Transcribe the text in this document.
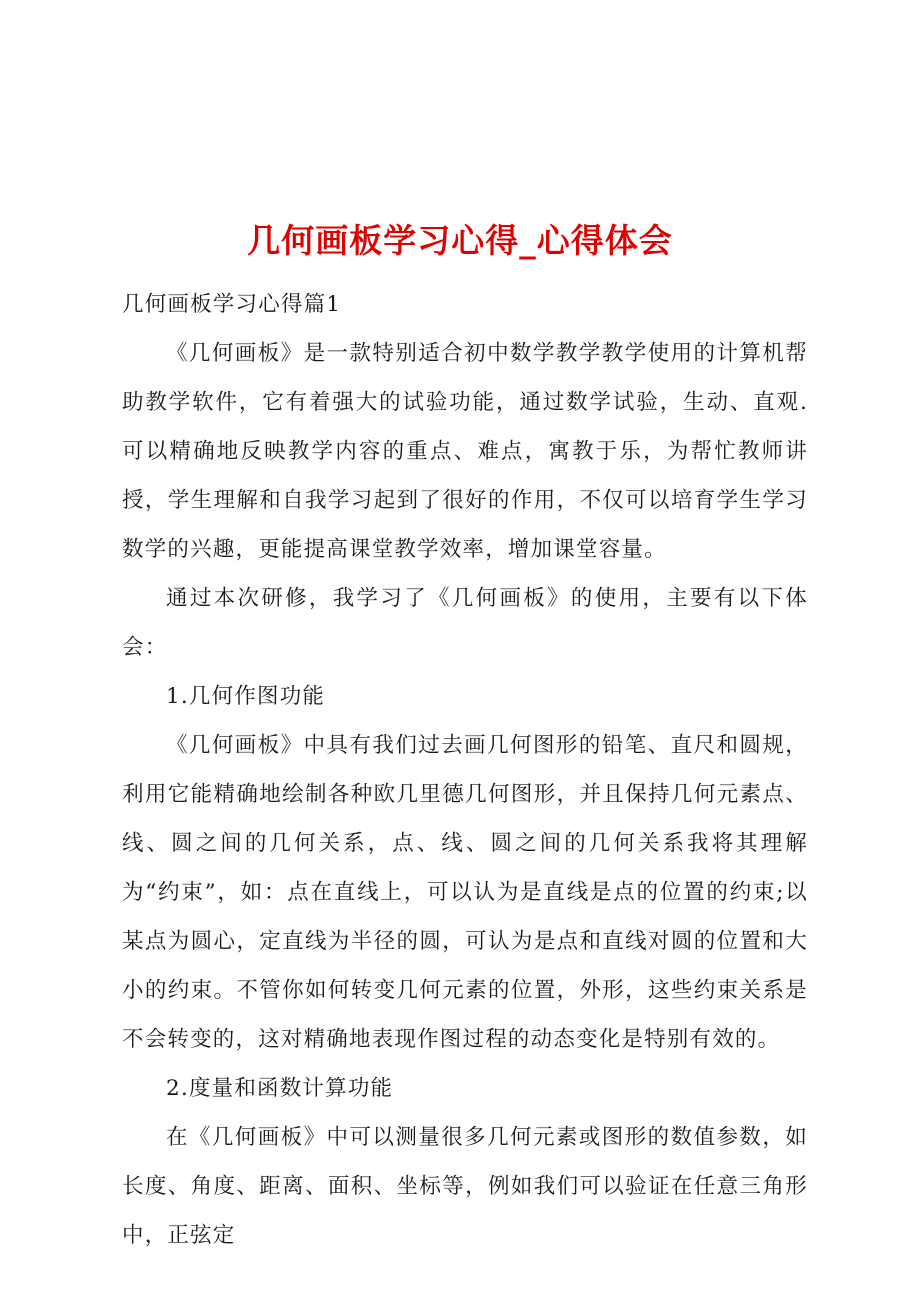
几何画板学习心得_心得体会

几何画板学习心得篇1

《几何画板》是一款特别适合初中数学教学教学使用的计算机帮助教学软件，它有着强大的试验功能，通过数学试验，生动、直观.可以精确地反映教学内容的重点、难点，寓教于乐，为帮忙教师讲授，学生理解和自我学习起到了很好的作用，不仅可以培育学生学习数学的兴趣，更能提高课堂教学效率，增加课堂容量。

通过本次研修，我学习了《几何画板》的使用，主要有以下体会：

1.几何作图功能

《几何画板》中具有我们过去画几何图形的铅笔、直尺和圆规，利用它能精确地绘制各种欧几里德几何图形，并且保持几何元素点、线、圆之间的几何关系，点、线、圆之间的几何关系我将其理解为“约束”，如：点在直线上，可以认为是直线是点的位置的约束;以某点为圆心，定直线为半径的圆，可认为是点和直线对圆的位置和大小的约束。不管你如何转变几何元素的位置，外形，这些约束关系是不会转变的，这对精确地表现作图过程的动态变化是特别有效的。

2.度量和函数计算功能

在《几何画板》中可以测量很多几何元素或图形的数值参数，如长度、角度、距离、面积、坐标等，例如我们可以验证在任意三角形中，正弦定
